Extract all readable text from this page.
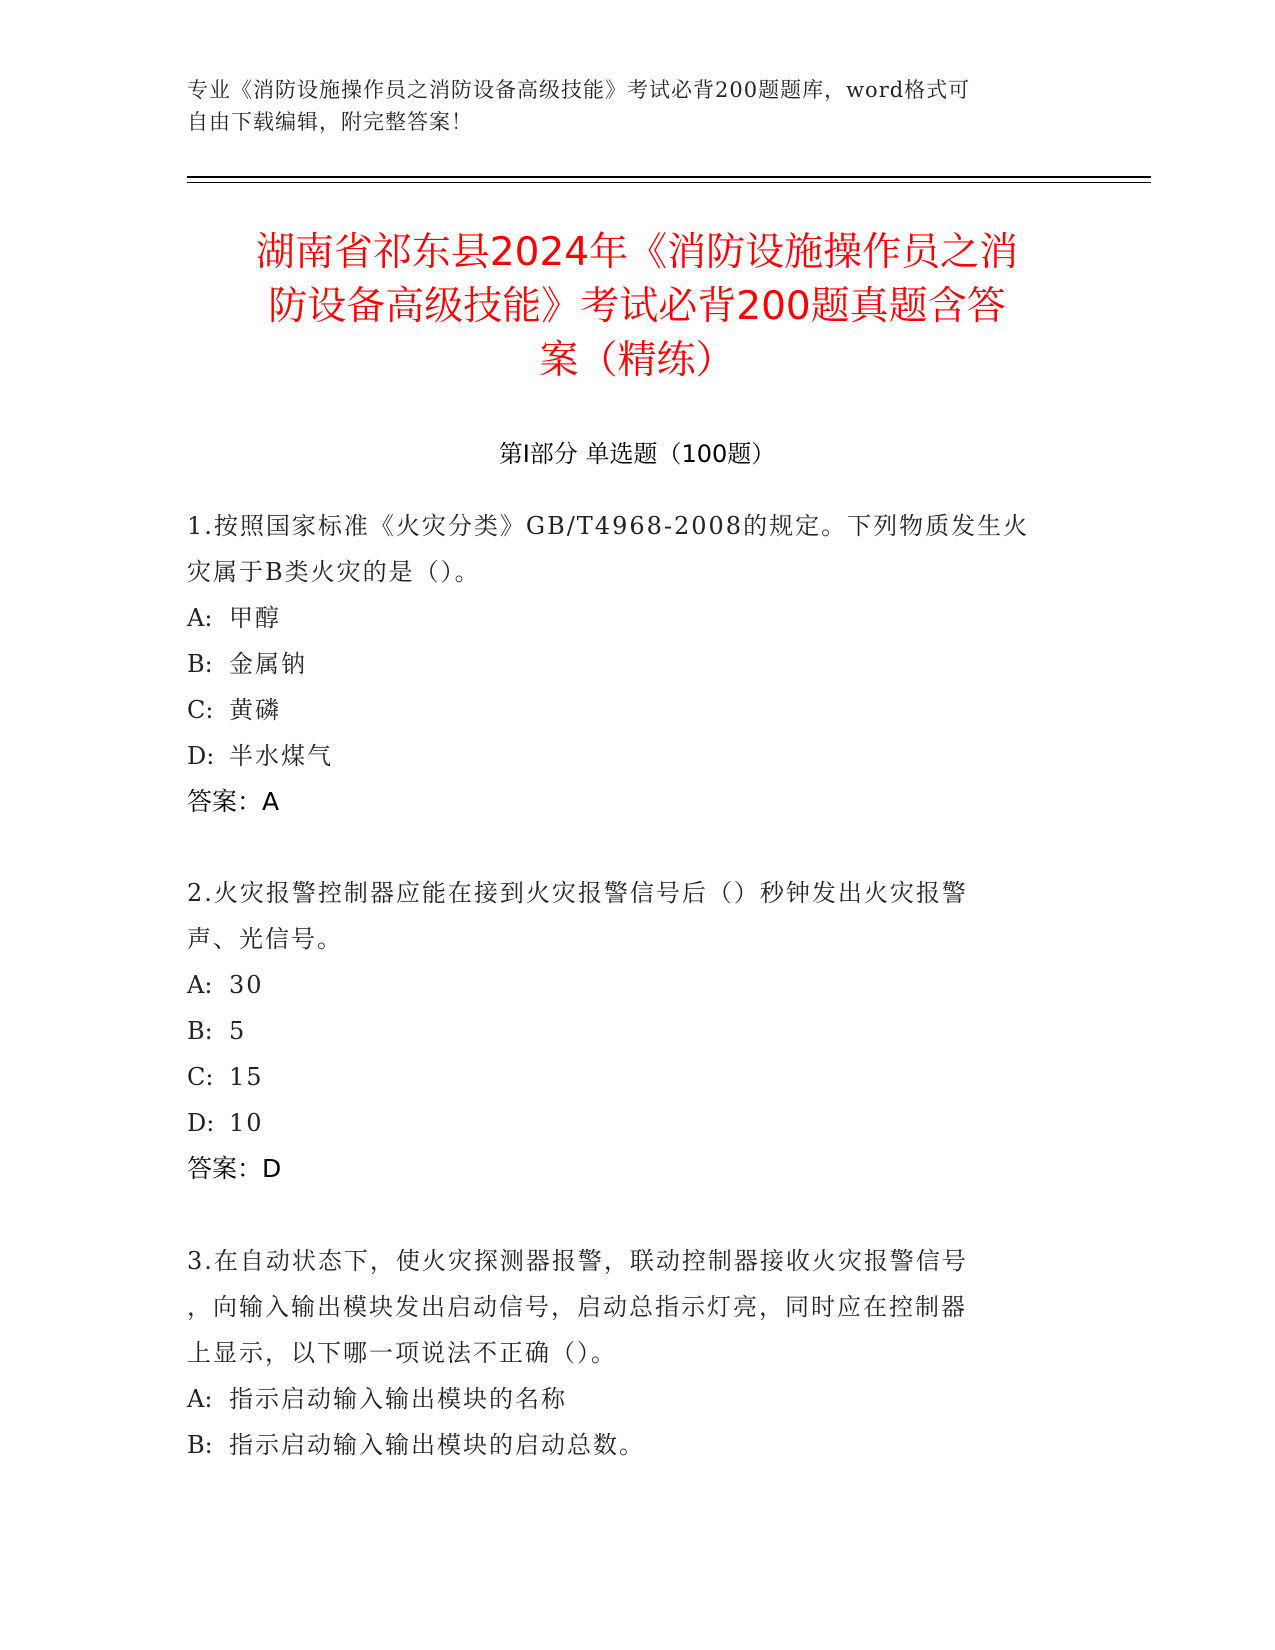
专业《消防设施操作员之消防设备高级技能》考试必背200题题库，word格式可
自由下载编辑，附完整答案！
湖南省祁东县2024年《消防设施操作员之消
防设备高级技能》考试必背200题真题含答
案（精练）
第Ⅰ部分 单选题（100题）
1.按照国家标准《火灾分类》GB/T4968-2008的规定。下列物质发生火
灾属于B类火灾的是（）。
A: 甲醇
B: 金属钠
C: 黄磷
D: 半水煤气
答案：A
2.火灾报警控制器应能在接到火灾报警信号后（）秒钟发出火灾报警
声、光信号。
A: 30
B: 5
C: 15
D: 10
答案：D
3.在自动状态下，使火灾探测器报警，联动控制器接收火灾报警信号
，向输入输出模块发出启动信号，启动总指示灯亮，同时应在控制器
上显示，以下哪一项说法不正确（）。
A: 指示启动输入输出模块的名称
B: 指示启动输入输出模块的启动总数。
